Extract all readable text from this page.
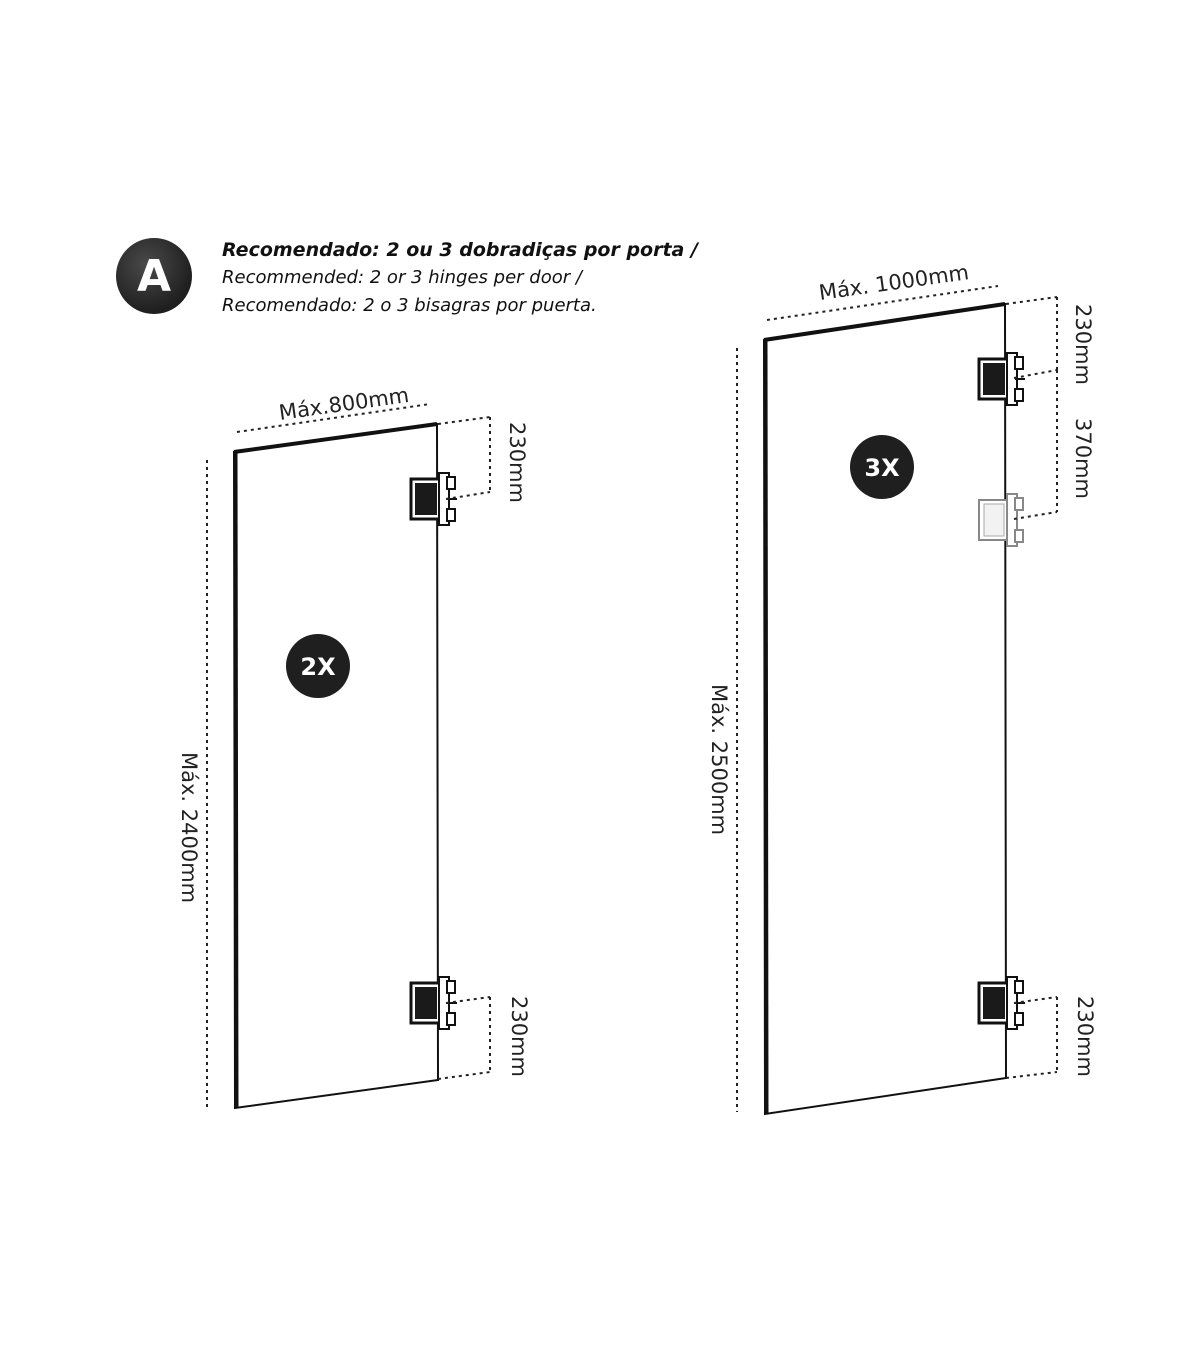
A
Recomendado: 2 ou 3 dobradiças por porta /
Recommended: 2 or 3 hinges per door /
Recomendado: 2 o 3 bisagras por puerta.
Máx.800mm
Máx. 2400mm
230mm
230mm
2X
Máx. 1000mm
Máx. 2500mm
230mm
370mm
230mm
3X
